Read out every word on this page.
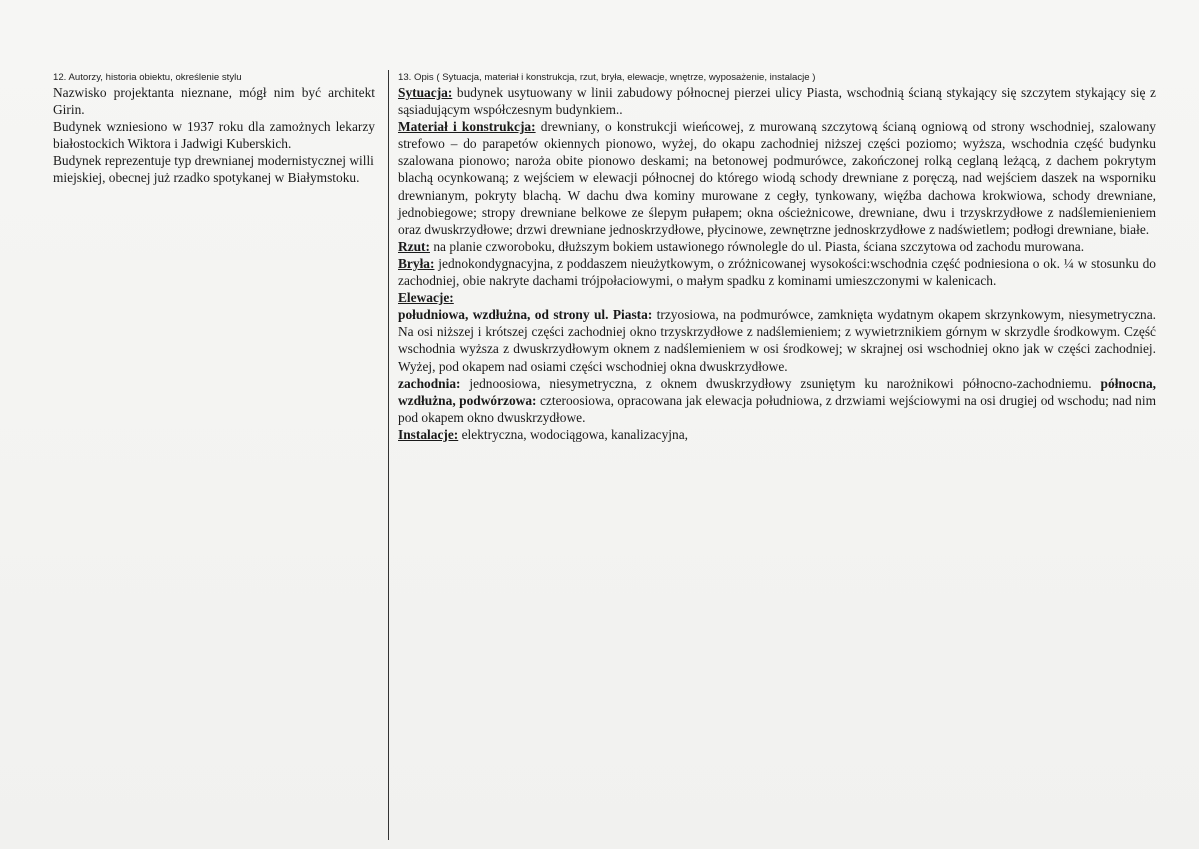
12. Autorzy, historia obiektu, określenie stylu

Nazwisko projektanta nieznane, mógł nim być architekt Girin.

Budynek wzniesiono w 1937 roku dla zamożnych lekarzy białostockich Wiktora i Jadwigi Kuberskich.

Budynek reprezentuje typ drewnianej modernistycznej willi miejskiej, obecnej już rzadko spotykanej w Białymstoku.

13. Opis ( Sytuacja, materiał i konstrukcja, rzut, bryła, elewacje, wnętrze, wyposażenie, instalacje )

Sytuacja: budynek usytuowany w linii zabudowy północnej pierzei ulicy Piasta, wschodnią ścianą stykający się szczytem stykający się z sąsiadującym współczesnym budynkiem..

Materiał i konstrukcja: drewniany, o konstrukcji wieńcowej, z murowaną szczytową ścianą ogniową od strony wschodniej, szalowany strefowo – do parapetów okiennych pionowo, wyżej, do okapu zachodniej niższej części poziomo; wyższa, wschodnia część budynku szalowana pionowo; naroża obite pionowo deskami; na betonowej podmurówce, zakończonej rolką ceglaną leżącą, z dachem pokrytym blachą ocynkowaną; z wejściem w elewacji północnej do którego wiodą schody drewniane z poręczą, nad wejściem daszek na wsporniku drewnianym, pokryty blachą. W dachu dwa kominy murowane z cegły, tynkowany, więźba dachowa krokwiowa, schody drewniane, jednobiegowe; stropy drewniane belkowe ze ślepym pułapem; okna ościeżnicowe, drewniane, dwu i trzyskrzydłowe z nadślemienieniem oraz dwuskrzydłowe; drzwi drewniane jednoskrzydłowe, płycinowe, zewnętrzne jednoskrzydłowe z nadświetlem; podłogi drewniane, białe.

Rzut: na planie czworoboku, dłuższym bokiem ustawionego równolegle do ul. Piasta, ściana szczytowa od zachodu murowana.

Bryła: jednokondygnacyjna, z poddaszem nieużytkowym, o zróżnicowanej wysokości:wschodnia część podniesiona o ok. ¼ w stosunku do zachodniej, obie nakryte dachami trójpołaciowymi, o małym spadku z kominami umieszczonymi w kalenicach.

Elewacje:

południowa, wzdłużna, od strony ul. Piasta: trzyosiowa, na podmurówce, zamknięta wydatnym okapem skrzynkowym, niesymetryczna. Na osi niższej i krótszej części zachodniej okno trzyskrzydłowe z nadślemieniem; z wywietrznikiem górnym w skrzydle środkowym. Część wschodnia wyższa z dwuskrzydłowym oknem z nadślemieniem w osi środkowej; w skrajnej osi wschodniej okno jak w części zachodniej. Wyżej, pod okapem nad osiami części wschodniej okna dwuskrzydłowe.

zachodnia: jednoosiowa, niesymetryczna, z oknem dwuskrzydłowy zsuniętym ku narożnikowi północno-zachodniemu. północna, wzdłużna, podwórzowa: czteroosiowa, opracowana jak elewacja południowa, z drzwiami wejściowymi na osi drugiej od wschodu; nad nim pod okapem okno dwuskrzydłowe.

Instalacje: elektryczna, wodociągowa, kanalizacyjna,
